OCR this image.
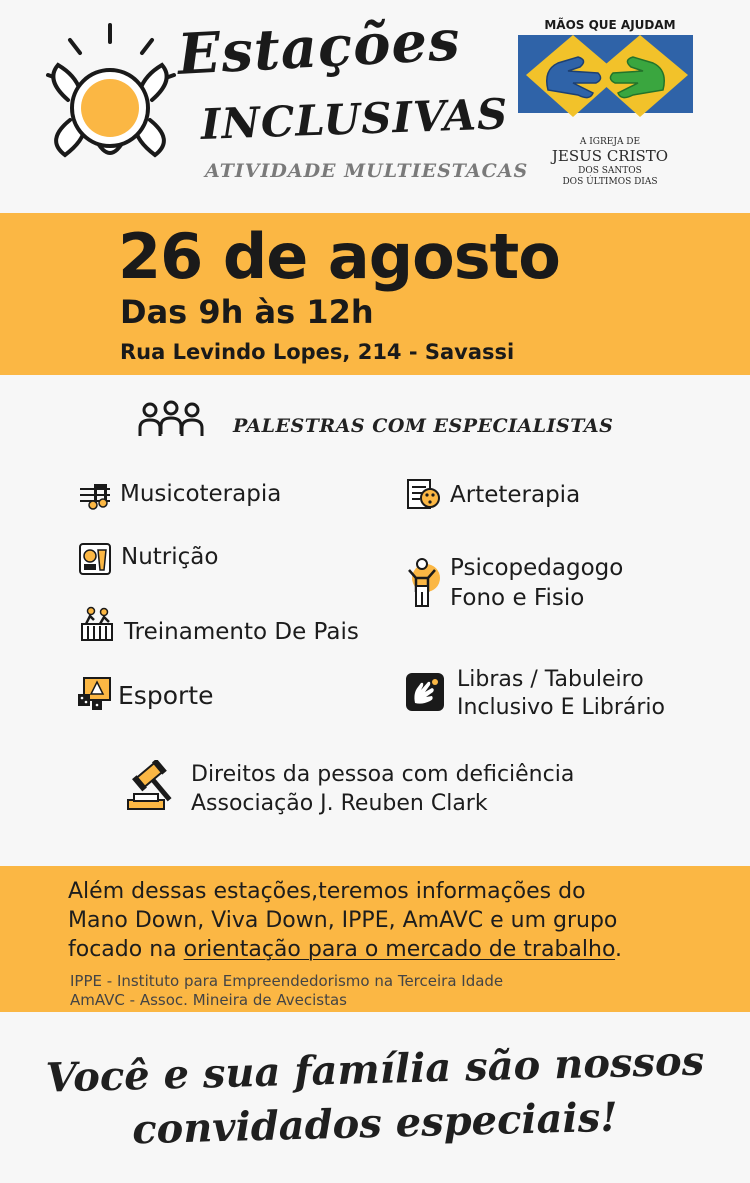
Estações
INCLUSIVAS
ATIVIDADE MULTIESTACAS
MÃOS QUE AJUDAM
A IGREJA DE
JESUS CRISTO
DOS SANTOS
DOS ÚLTIMOS DIAS
26 de agosto
Das 9h às 12h
Rua Levindo Lopes, 214 - Savassi
PALESTRAS COM ESPECIALISTAS
Musicoterapia
Nutrição
Treinamento De Pais
Esporte
Arteterapia
Psicopedagogo
Fono e Fisio
Libras / Tabuleiro
Inclusivo E Librário
Direitos da pessoa com deficiência
Associação J. Reuben Clark
Além dessas estações,teremos informações do
Mano Down, Viva Down, IPPE, AmAVC e um grupo
focado na orientação para o mercado de trabalho.
IPPE - Instituto para Empreendedorismo na Terceira Idade
AmAVC - Assoc. Mineira de Avecistas
Você e sua família são nossos
convidados especiais!
